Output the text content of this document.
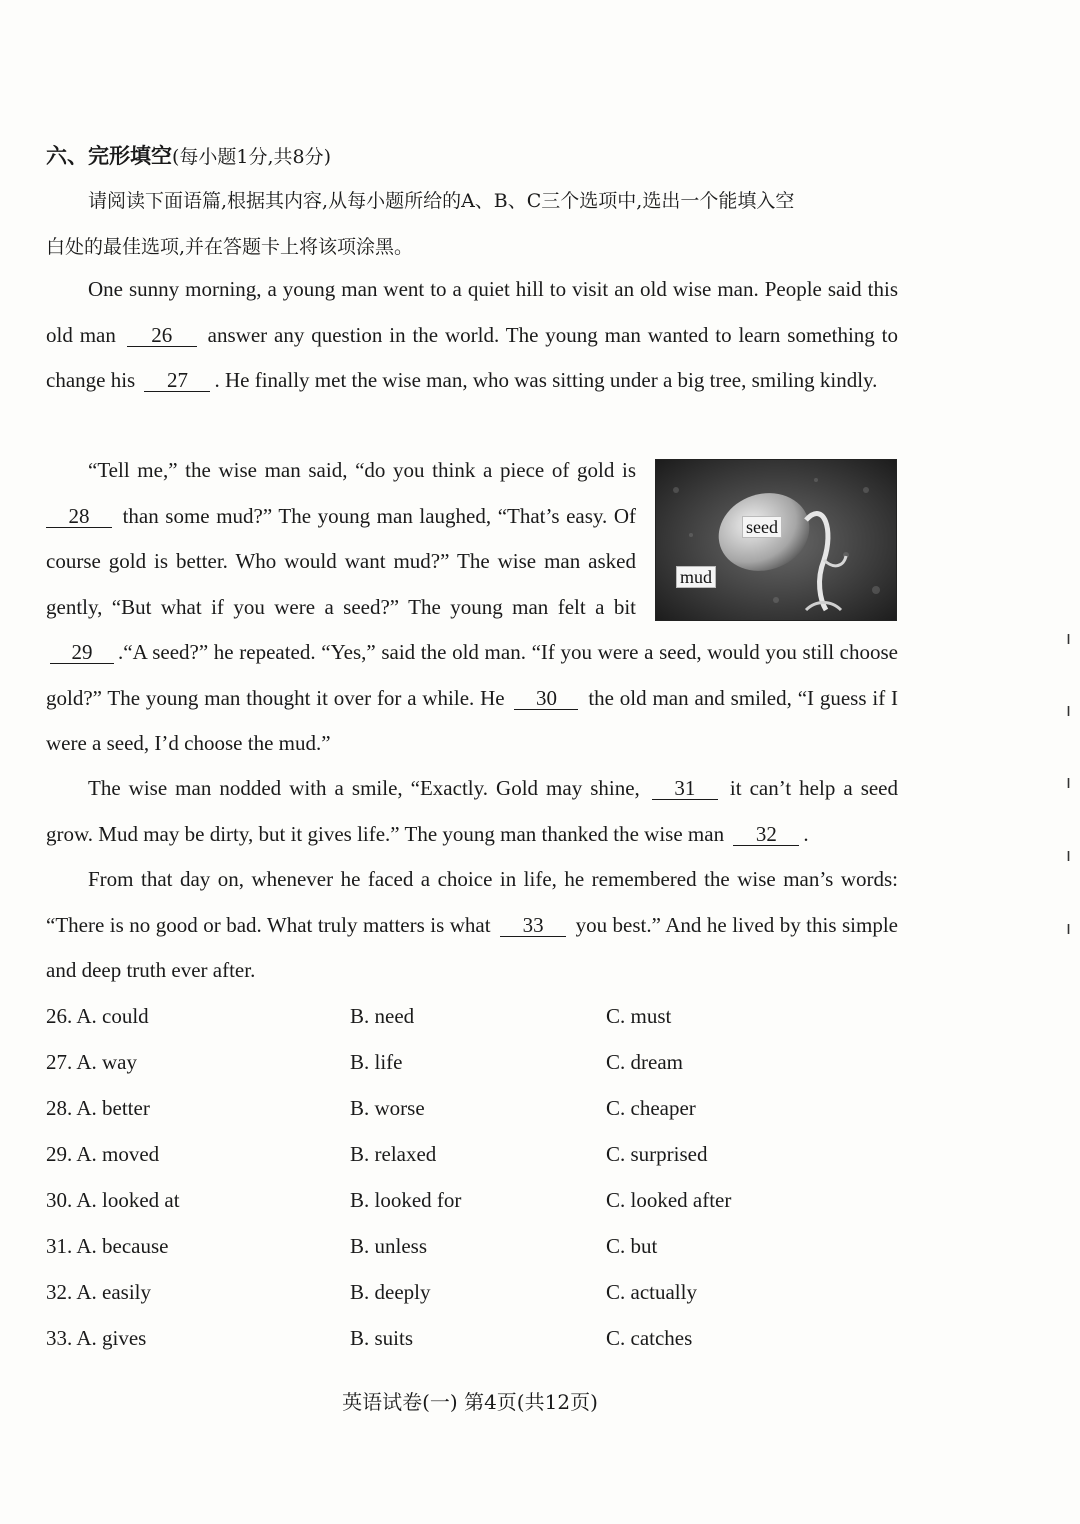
六、完形填空(每小题1分,共8分)
请阅读下面语篇,根据其内容,从每小题所给的A、B、C三个选项中,选出一个能填入空
白处的最佳选项,并在答题卡上将该项涂黑。
One sunny morning, a young man went to a quiet hill to visit an old wise man. People said this old man 26 answer any question in the world. The young man wanted to learn something to change his 27 . He finally met the wise man, who was sitting under a big tree, smiling kindly.
seed
mud
“Tell me,” the wise man said, “do you think a piece of gold is 28 than some mud?” The young man laughed, “That’s easy. Of course gold is better. Who would want mud?” The wise man asked gently, “But what if you were a seed?” The young man felt a bit 29 .“A seed?” he repeated. “Yes,” said the old man. “If you were a seed, would you still choose gold?” The young man thought it over for a while. He 30 the old man and smiled, “I guess if I were a seed, I’d choose the mud.”
The wise man nodded with a smile, “Exactly. Gold may shine, 31 it can’t help a seed grow. Mud may be dirty, but it gives life.” The young man thanked the wise man 32 .
From that day on, whenever he faced a choice in life, he remembered the wise man’s words: “There is no good or bad. What truly matters is what 33 you best.” And he lived by this simple and deep truth ever after.
26. A. could	B. need	C. must
27. A. way	B. life	C. dream
28. A. better	B. worse	C. cheaper
29. A. moved	B. relaxed	C. surprised
30. A. looked at	B. looked for	C. looked after
31. A. because	B. unless	C. but
32. A. easily	B. deeply	C. actually
33. A. gives	B. suits	C. catches
英语试卷(一) 第4页(共12页)
ı
ı
ı
ı
ı
